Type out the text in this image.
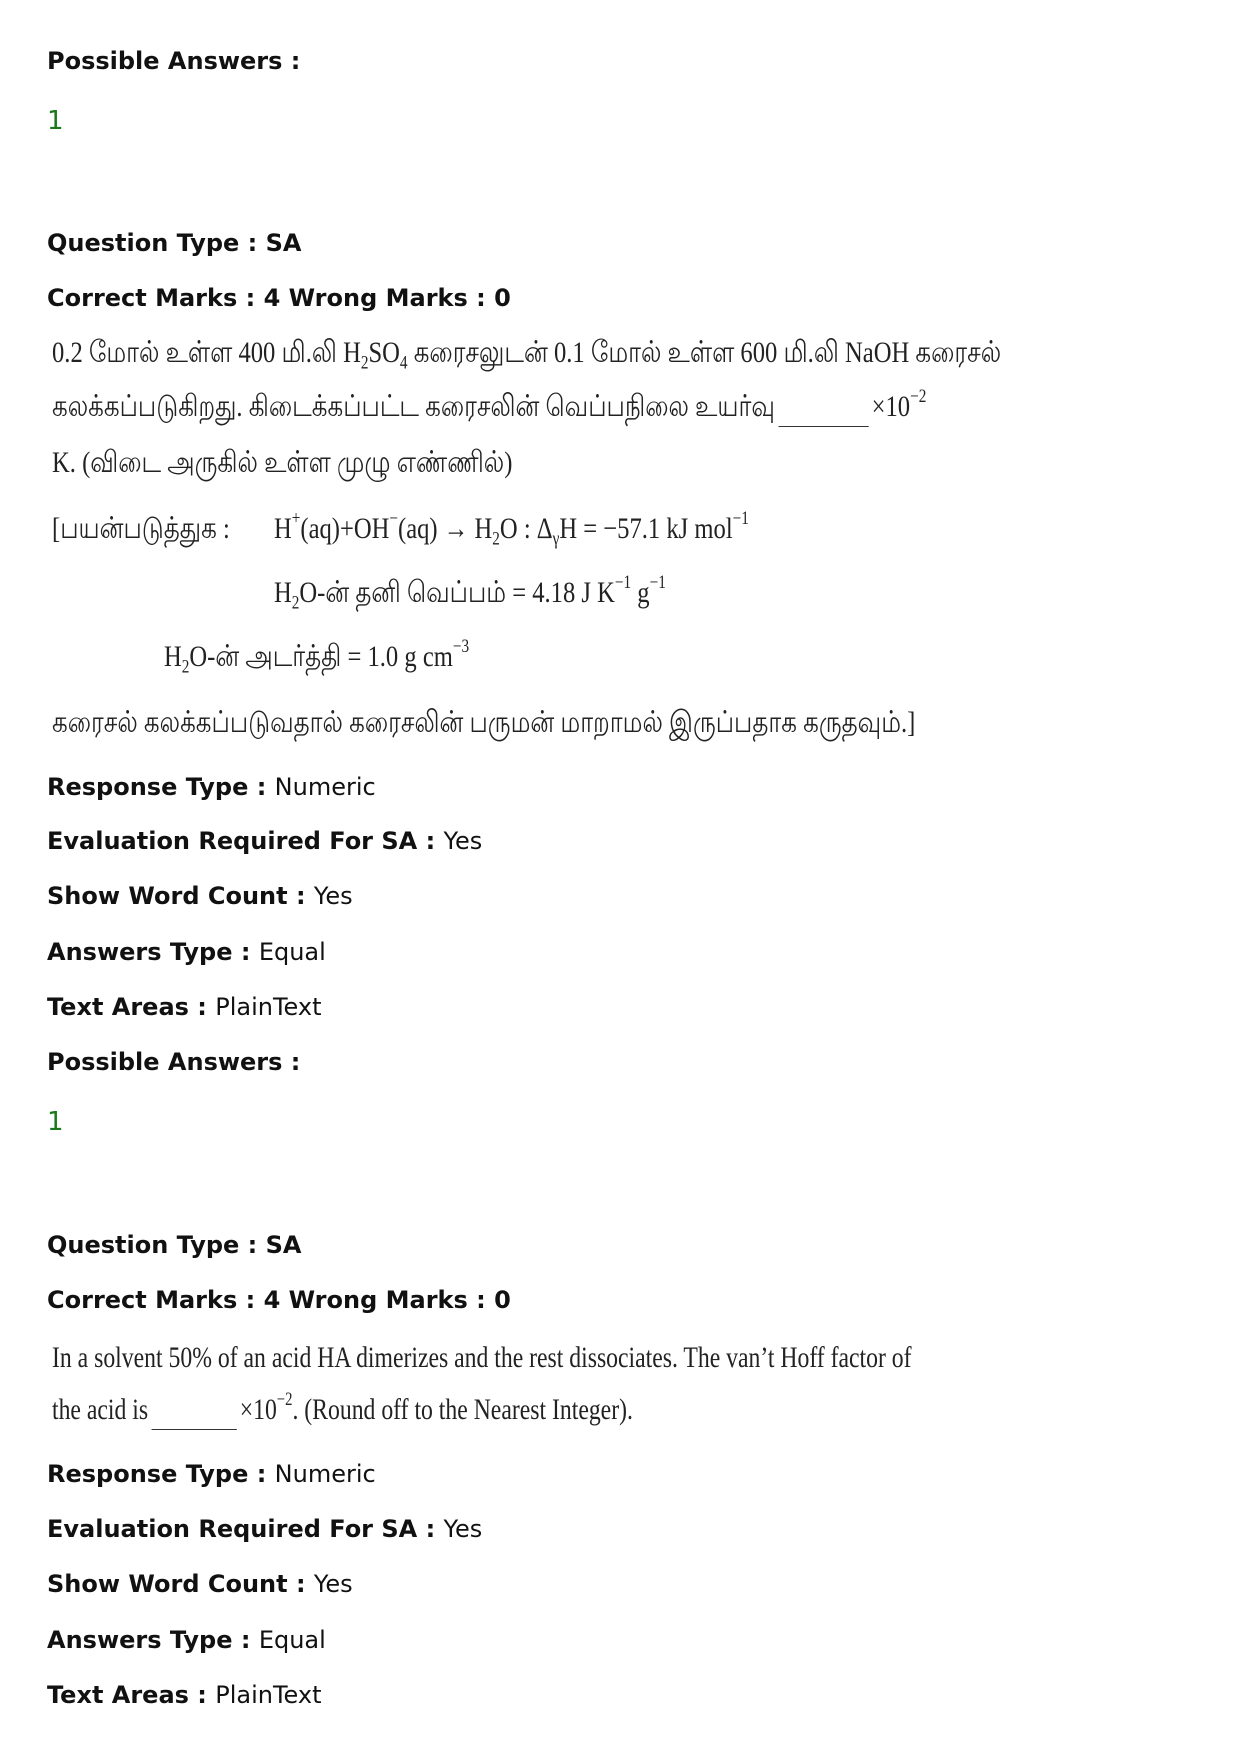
Possible Answers :
1
Question Type : SA
Correct Marks : 4 Wrong Marks : 0
0.2 மோல் உள்ள 400 மி.லி $H_2SO_4$ கரைசலுடன் 0.1 மோல் உள்ள 600 மி.லி NaOH கரைசல்
கலக்கப்படுகிறது. கிடைக்கப்பட்ட கரைசலின் வெப்பநிலை உயர்வு	$\times 10^{-2}$
K. (விடை அருகில் உள்ள முழு எண்ணில்)
[பயன்படுத்துக : $H^+(aq)+OH^-(aq) \to H_2O$ : $\Delta_\gamma H = -57.1$ kJ mol$^{-1}$
$H_2O-ன்$ தனி வெப்பம் = 4.18 J $K^{-1}$ $g^{-1}$
$H_2O-ன்$ அடர்த்தி = 1.0 g $cm^{-3}$
கரைசல் கலக்கப்படுவதால் கரைசலின் பருமன் மாறாமல் இருப்பதாக கருதவும்.]
Response Type : Numeric
Evaluation Required For SA : Yes
Show Word Count : Yes
Answers Type : Equal
Text Areas : PlainText
Possible Answers :
1
Question Type : SA
Correct Marks : 4 Wrong Marks : 0
In a solvent 50% of an acid HA dimerizes and the rest dissociates. The van’t Hoff factor of
the acid is	$\times 10^{-2}$. (Round off to the Nearest Integer).
Response Type : Numeric
Evaluation Required For SA : Yes
Show Word Count : Yes
Answers Type : Equal
Text Areas : PlainText
